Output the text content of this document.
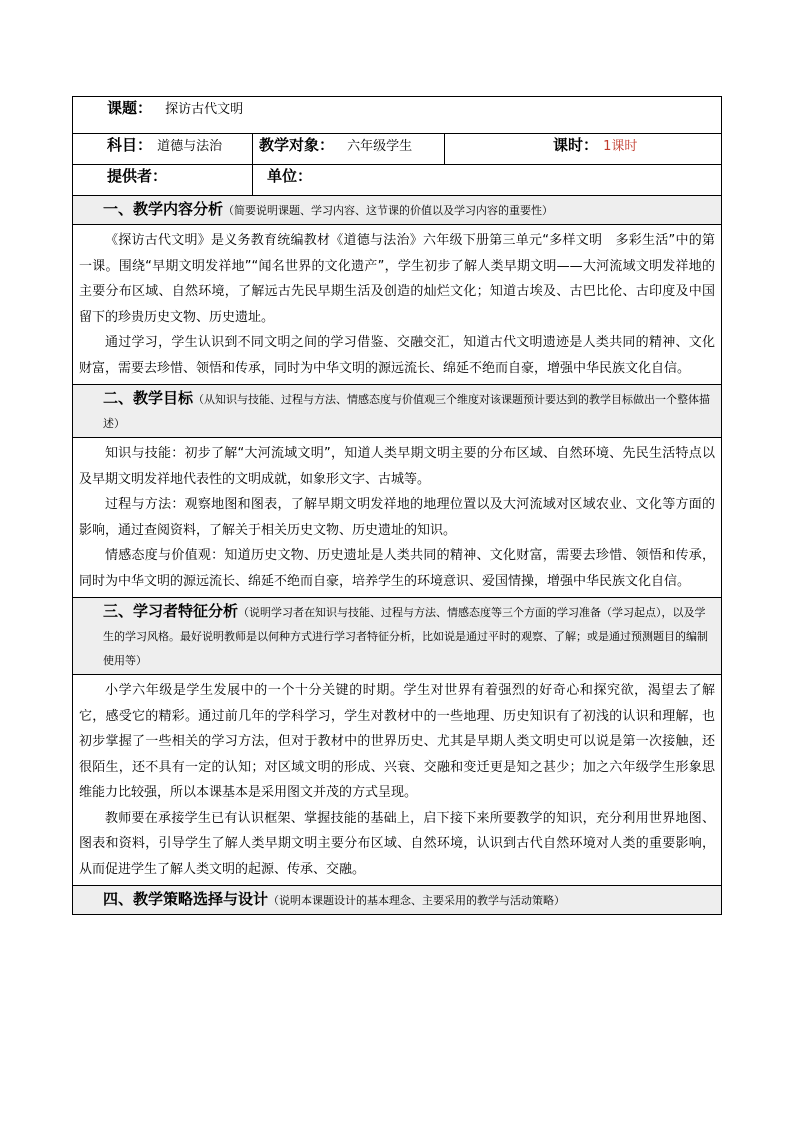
课题： 探访古代文明		
科目： 道德与法治	教学对象： 六年级学生	课时： 1课时
提供者：	单位：	
一、教学内容分析（简要说明课题、学习内容、这节课的价值以及学习内容的重要性）		

《探访古代文明》是义务教育统编教材《道德与法治》六年级下册第三单元“多样文明　多彩生活”中的第一课。围绕“早期文明发祥地”“闻名世界的文化遗产”，学生初步了解人类早期文明——大河流域文明发祥地的主要分布区域、自然环境，了解远古先民早期生活及创造的灿烂文化；知道古埃及、古巴比伦、古印度及中国留下的珍贵历史文物、历史遗址。

通过学习，学生认识到不同文明之间的学习借鉴、交融交汇，知道古代文明遗迹是人类共同的精神、文化财富，需要去珍惜、领悟和传承，同时为中华文明的源远流长、绵延不绝而自豪，增强中华民族文化自信。		

二、教学目标（从知识与技能、过程与方法、情感态度与价值观三个维度对该课题预计要达到的教学目标做出一个整体描述）		

知识与技能：初步了解“大河流域文明”，知道人类早期文明主要的分布区域、自然环境、先民生活特点以及早期文明发祥地代表性的文明成就，如象形文字、古城等。

过程与方法：观察地图和图表，了解早期文明发祥地的地理位置以及大河流域对区域农业、文化等方面的影响，通过查阅资料，了解关于相关历史文物、历史遗址的知识。

情感态度与价值观：知道历史文物、历史遗址是人类共同的精神、文化财富，需要去珍惜、领悟和传承，同时为中华文明的源远流长、绵延不绝而自豪，培养学生的环境意识、爱国情操，增强中华民族文化自信。		

三、学习者特征分析（说明学习者在知识与技能、过程与方法、情感态度等三个方面的学习准备（学习起点），以及学生的学习风格。最好说明教师是以何种方式进行学习者特征分析，比如说是通过平时的观察、了解；或是通过预测题目的编制使用等）		

小学六年级是学生发展中的一个十分关键的时期。学生对世界有着强烈的好奇心和探究欲，渴望去了解它，感受它的精彩。通过前几年的学科学习，学生对教材中的一些地理、历史知识有了初浅的认识和理解，也初步掌握了一些相关的学习方法，但对于教材中的世界历史、尤其是早期人类文明史可以说是第一次接触，还很陌生，还不具有一定的认知；对区域文明的形成、兴衰、交融和变迁更是知之甚少；加之六年级学生形象思维能力比较强，所以本课基本是采用图文并茂的方式呈现。

教师要在承接学生已有认识框架、掌握技能的基础上，启下接下来所要教学的知识，充分利用世界地图、图表和资料，引导学生了解人类早期文明主要分布区域、自然环境，认识到古代自然环境对人类的重要影响，从而促进学生了解人类文明的起源、传承、交融。		

四、教学策略选择与设计（说明本课题设计的基本理念、主要采用的教学与活动策略）		
